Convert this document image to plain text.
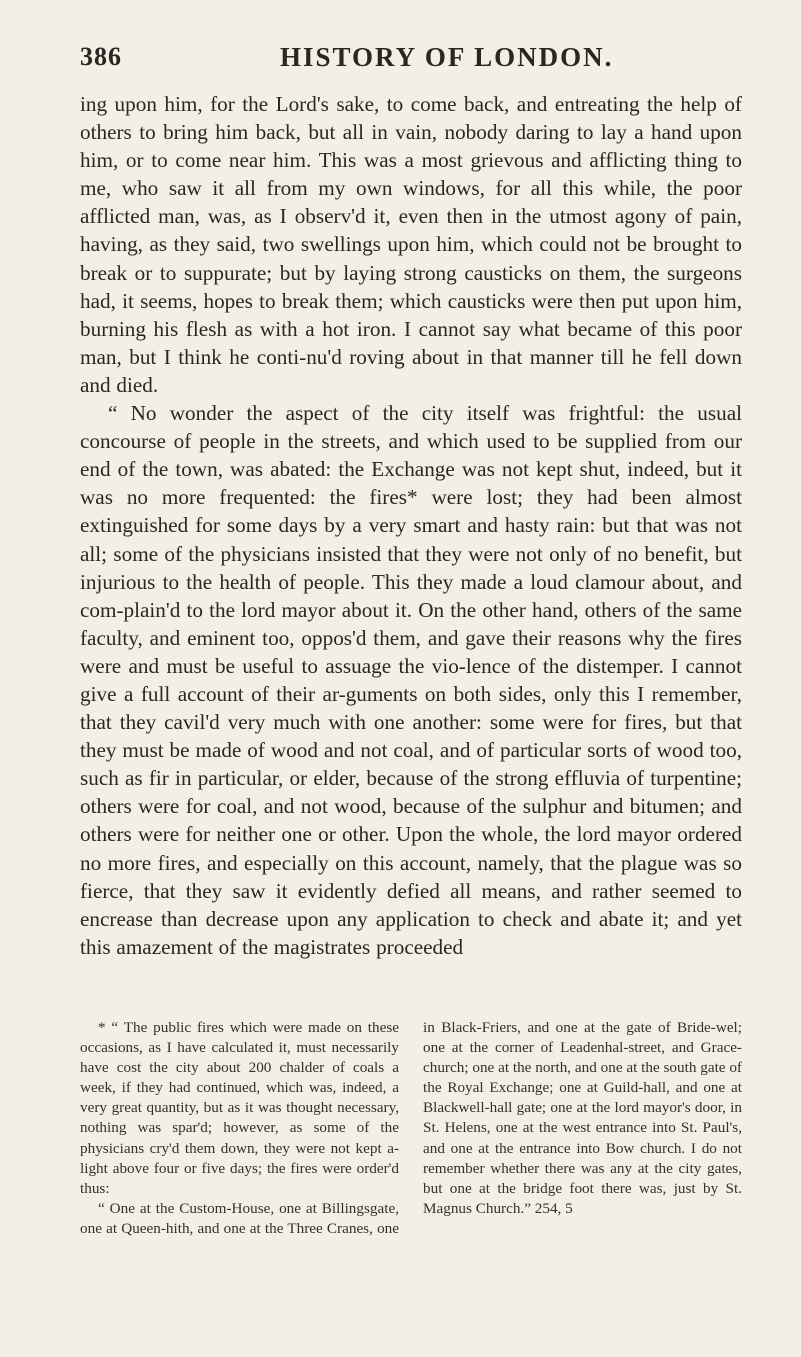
386	HISTORY OF LONDON.

ing upon him, for the Lord's sake, to come back, and entreating the help of others to bring him back, but all in vain, nobody daring to lay a hand upon him, or to come near him. This was a most grievous and afflicting thing to me, who saw it all from my own windows, for all this while, the poor afflicted man, was, as I observ'd it, even then in the utmost agony of pain, having, as they said, two swellings upon him, which could not be brought to break or to suppurate; but by laying strong causticks on them, the surgeons had, it seems, hopes to break them; which causticks were then put upon him, burning his flesh as with a hot iron. I cannot say what became of this poor man, but I think he conti-nu'd roving about in that manner till he fell down and died.

“ No wonder the aspect of the city itself was frightful: the usual concourse of people in the streets, and which used to be supplied from our end of the town, was abated: the Exchange was not kept shut, indeed, but it was no more frequented: the fires* were lost; they had been almost extinguished for some days by a very smart and hasty rain: but that was not all; some of the physicians insisted that they were not only of no benefit, but injurious to the health of people. This they made a loud clamour about, and com-plain'd to the lord mayor about it. On the other hand, others of the same faculty, and eminent too, oppos'd them, and gave their reasons why the fires were and must be useful to assuage the vio-lence of the distemper. I cannot give a full account of their ar-guments on both sides, only this I remember, that they cavil'd very much with one another: some were for fires, but that they must be made of wood and not coal, and of particular sorts of wood too, such as fir in particular, or elder, because of the strong effluvia of turpentine; others were for coal, and not wood, because of the sulphur and bitumen; and others were for neither one or other. Upon the whole, the lord mayor ordered no more fires, and especially on this account, namely, that the plague was so fierce, that they saw it evidently defied all means, and rather seemed to encrease than decrease upon any application to check and abate it; and yet this amazement of the magistrates proceeded

* “ The public fires which were made on these occasions, as I have calculated it, must necessarily have cost the city about 200 chalder of coals a week, if they had continued, which was, indeed, a very great quantity, but as it was thought necessary, nothing was spar'd; however, as some of the physicians cry'd them down, they were not kept a-light above four or five days; the fires were order'd thus:

“ One at the Custom-House, one at Billingsgate, one at Queen-hith, and one at the Three Cranes, one in Black-Friers, and one at the gate of Bride-wel; one at the corner of Leadenhal-street, and Grace-church; one at the north, and one at the south gate of the Royal Exchange; one at Guild-hall, and one at Blackwell-hall gate; one at the lord mayor's door, in St. Helens, one at the west entrance into St. Paul's, and one at the entrance into Bow church. I do not remember whether there was any at the city gates, but one at the bridge foot there was, just by St. Magnus Church.” 254, 5
